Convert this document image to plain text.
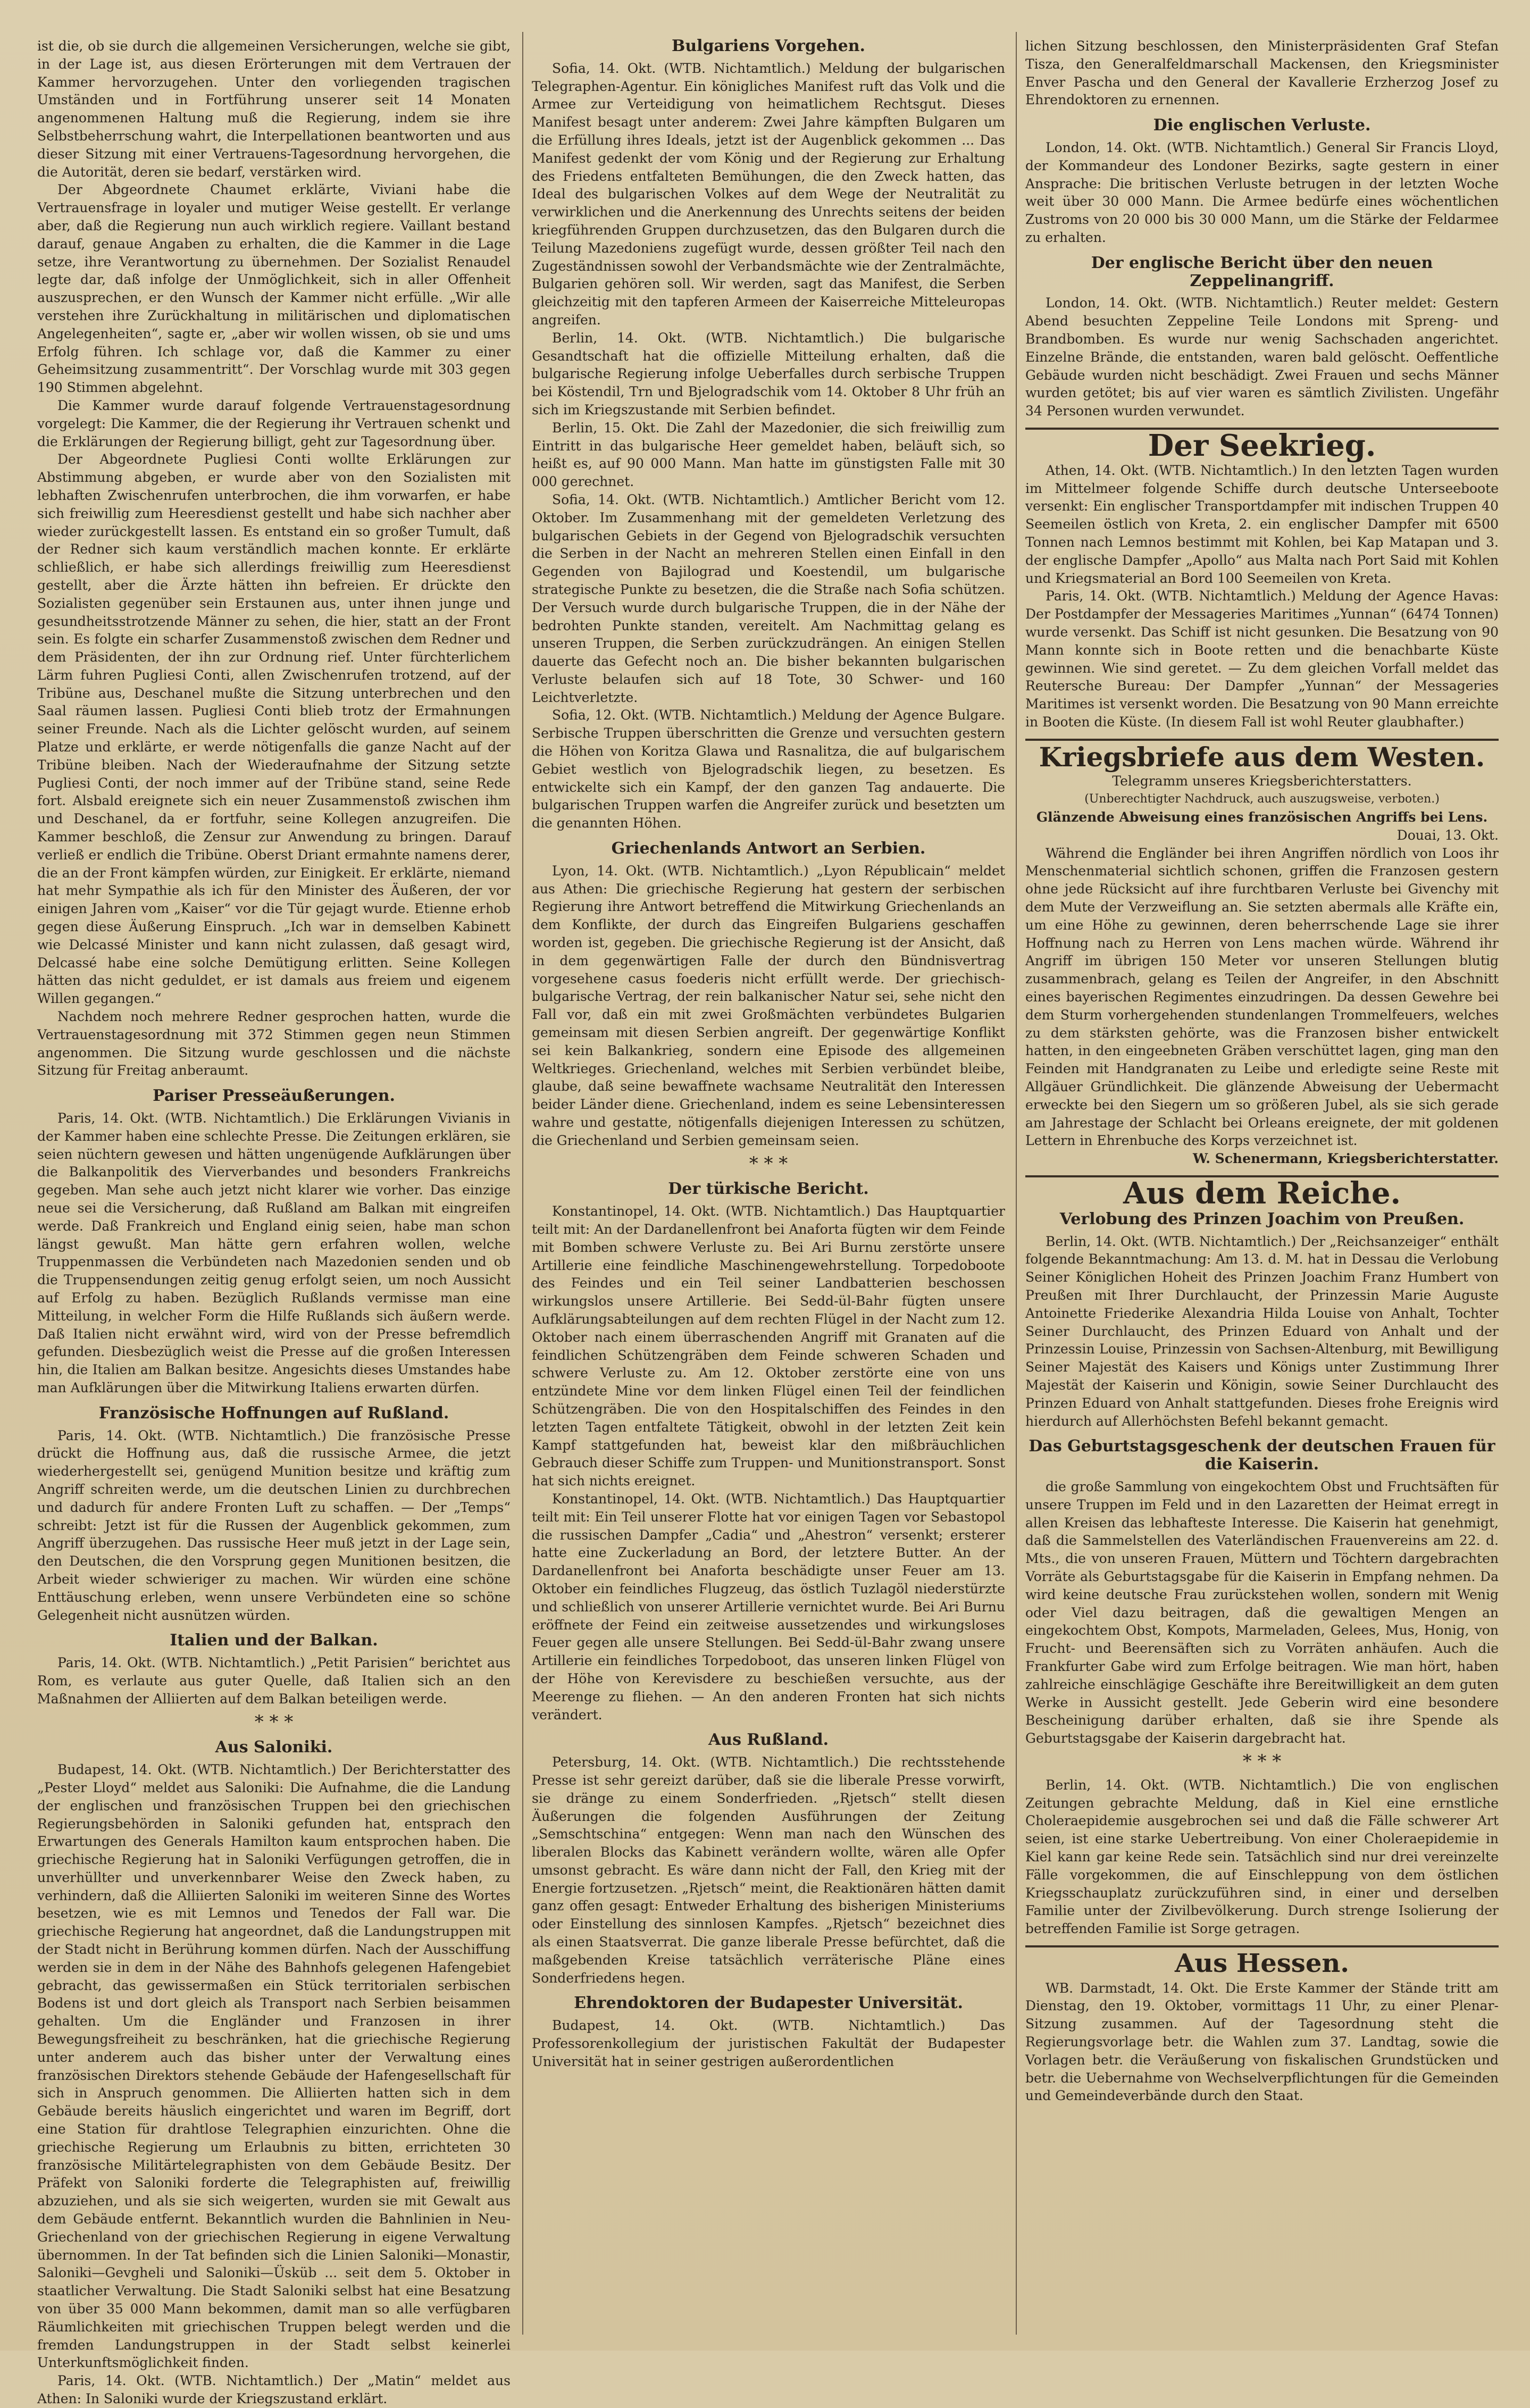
ist die, ob sie durch die allgemeinen Versicherungen, welche sie gibt, in der Lage ist, aus diesen Erörterungen mit dem Vertrauen der Kammer hervorzugehen. Unter den vorliegenden tragischen Umständen und in Fortführung unserer seit 14 Monaten angenommenen Haltung muß die Regierung, indem sie ihre Selbstbeherrschung wahrt, die Interpellationen beantworten und aus dieser Sitzung mit einer Vertrauens-Tagesordnung hervorgehen, die die Autorität, deren sie bedarf, verstärken wird.

Der Abgeordnete Chaumet erklärte, Viviani habe die Vertrauensfrage in loyaler und mutiger Weise gestellt. Er verlange aber, daß die Regierung nun auch wirklich regiere. Vaillant bestand darauf, genaue Angaben zu erhalten, die die Kammer in die Lage setze, ihre Verantwortung zu übernehmen. Der Sozialist Renaudel legte dar, daß infolge der Unmöglichkeit, sich in aller Offenheit auszusprechen, er den Wunsch der Kammer nicht erfülle. „Wir alle verstehen ihre Zurückhaltung in militärischen und diplomatischen Angelegenheiten“, sagte er, „aber wir wollen wissen, ob sie und ums Erfolg führen. Ich schlage vor, daß die Kammer zu einer Geheimsitzung zusammentritt“. Der Vorschlag wurde mit 303 gegen 190 Stimmen abgelehnt.

Die Kammer wurde darauf folgende Vertrauenstagesordnung vorgelegt: Die Kammer, die der Regierung ihr Vertrauen schenkt und die Erklärungen der Regierung billigt, geht zur Tagesordnung über.

Der Abgeordnete Pugliesi Conti wollte Erklärungen zur Abstimmung abgeben, er wurde aber von den Sozialisten mit lebhaften Zwischenrufen unterbrochen, die ihm vorwarfen, er habe sich freiwillig zum Heeresdienst gestellt und habe sich nachher aber wieder zurückgestellt lassen. Es entstand ein so großer Tumult, daß der Redner sich kaum verständlich machen konnte. Er erklärte schließlich, er habe sich allerdings freiwillig zum Heeresdienst gestellt, aber die Ärzte hätten ihn befreien. Er drückte den Sozialisten gegenüber sein Erstaunen aus, unter ihnen junge und gesundheitsstrotzende Männer zu sehen, die hier, statt an der Front sein. Es folgte ein scharfer Zusammenstoß zwischen dem Redner und dem Präsidenten, der ihn zur Ordnung rief. Unter fürchterlichem Lärm fuhren Pugliesi Conti, allen Zwischenrufen trotzend, auf der Tribüne aus, Deschanel mußte die Sitzung unterbrechen und den Saal räumen lassen. Pugliesi Conti blieb trotz der Ermahnungen seiner Freunde. Nach als die Lichter gelöscht wurden, auf seinem Platze und erklärte, er werde nötigenfalls die ganze Nacht auf der Tribüne bleiben. Nach der Wiederaufnahme der Sitzung setzte Pugliesi Conti, der noch immer auf der Tribüne stand, seine Rede fort. Alsbald ereignete sich ein neuer Zusammenstoß zwischen ihm und Deschanel, da er fortfuhr, seine Kollegen anzugreifen. Die Kammer beschloß, die Zensur zur Anwendung zu bringen. Darauf verließ er endlich die Tribüne. Oberst Driant ermahnte namens derer, die an der Front kämpfen würden, zur Einigkeit. Er erklärte, niemand hat mehr Sympathie als ich für den Minister des Äußeren, der vor einigen Jahren vom „Kaiser“ vor die Tür gejagt wurde. Etienne erhob gegen diese Äußerung Einspruch. „Ich war in demselben Kabinett wie Delcassé Minister und kann nicht zulassen, daß gesagt wird, Delcassé habe eine solche Demütigung erlitten. Seine Kollegen hätten das nicht geduldet, er ist damals aus freiem und eigenem Willen gegangen.“

Nachdem noch mehrere Redner gesprochen hatten, wurde die Vertrauenstagesordnung mit 372 Stimmen gegen neun Stimmen angenommen. Die Sitzung wurde geschlossen und die nächste Sitzung für Freitag anberaumt.

Pariser Presseäußerungen.

Paris, 14. Okt. (WTB. Nichtamtlich.) Die Erklärungen Vivianis in der Kammer haben eine schlechte Presse. Die Zeitungen erklären, sie seien nüchtern gewesen und hätten ungenügende Aufklärungen über die Balkanpolitik des Vierverbandes und besonders Frankreichs gegeben. Man sehe auch jetzt nicht klarer wie vorher. Das einzige neue sei die Versicherung, daß Rußland am Balkan mit eingreifen werde. Daß Frankreich und England einig seien, habe man schon längst gewußt. Man hätte gern erfahren wollen, welche Truppenmassen die Verbündeten nach Mazedonien senden und ob die Truppensendungen zeitig genug erfolgt seien, um noch Aussicht auf Erfolg zu haben. Bezüglich Rußlands vermisse man eine Mitteilung, in welcher Form die Hilfe Rußlands sich äußern werde. Daß Italien nicht erwähnt wird, wird von der Presse befremdlich gefunden. Diesbezüglich weist die Presse auf die großen Interessen hin, die Italien am Balkan besitze. Angesichts dieses Umstandes habe man Aufklärungen über die Mitwirkung Italiens erwarten dürfen.

Französische Hoffnungen auf Rußland.

Paris, 14. Okt. (WTB. Nichtamtlich.) Die französische Presse drückt die Hoffnung aus, daß die russische Armee, die jetzt wiederhergestellt sei, genügend Munition besitze und kräftig zum Angriff schreiten werde, um die deutschen Linien zu durchbrechen und dadurch für andere Fronten Luft zu schaffen. — Der „Temps“ schreibt: Jetzt ist für die Russen der Augenblick gekommen, zum Angriff überzugehen. Das russische Heer muß jetzt in der Lage sein, den Deutschen, die den Vorsprung gegen Munitionen besitzen, die Arbeit wieder schwieriger zu machen. Wir würden eine schöne Enttäuschung erleben, wenn unsere Verbündeten eine so schöne Gelegenheit nicht ausnützen würden.

Italien und der Balkan.

Paris, 14. Okt. (WTB. Nichtamtlich.) „Petit Parisien“ berichtet aus Rom, es verlaute aus guter Quelle, daß Italien sich an den Maßnahmen der Alliierten auf dem Balkan beteiligen werde.

* * *

Aus Saloniki.

Budapest, 14. Okt. (WTB. Nichtamtlich.) Der Berichterstatter des „Pester Lloyd“ meldet aus Saloniki: Die Aufnahme, die die Landung der englischen und französischen Truppen bei den griechischen Regierungsbehörden in Saloniki gefunden hat, entsprach den Erwartungen des Generals Hamilton kaum entsprochen haben. Die griechische Regierung hat in Saloniki Verfügungen getroffen, die in unverhüllter und unverkennbarer Weise den Zweck haben, zu verhindern, daß die Alliierten Saloniki im weiteren Sinne des Wortes besetzen, wie es mit Lemnos und Tenedos der Fall war. Die griechische Regierung hat angeordnet, daß die Landungstruppen mit der Stadt nicht in Berührung kommen dürfen. Nach der Ausschiffung werden sie in dem in der Nähe des Bahnhofs gelegenen Hafengebiet gebracht, das gewissermaßen ein Stück territorialen serbischen Bodens ist und dort gleich als Transport nach Serbien beisammen gehalten. Um die Engländer und Franzosen in ihrer Bewegungsfreiheit zu beschränken, hat die griechische Regierung unter anderem auch das bisher unter der Verwaltung eines französischen Direktors stehende Gebäude der Hafengesellschaft für sich in Anspruch genommen. Die Alliierten hatten sich in dem Gebäude bereits häuslich eingerichtet und waren im Begriff, dort eine Station für drahtlose Telegraphien einzurichten. Ohne die griechische Regierung um Erlaubnis zu bitten, errichteten 30 französische Militärtelegraphisten von dem Gebäude Besitz. Der Präfekt von Saloniki forderte die Telegraphisten auf, freiwillig abzuziehen, und als sie sich weigerten, wurden sie mit Gewalt aus dem Gebäude entfernt. Bekanntlich wurden die Bahnlinien in Neu-Griechenland von der griechischen Regierung in eigene Verwaltung übernommen. In der Tat befinden sich die Linien Saloniki—Monastir, Saloniki—Gevgheli und Saloniki—Üsküb ... seit dem 5. Oktober in staatlicher Verwaltung. Die Stadt Saloniki selbst hat eine Besatzung von über 35 000 Mann bekommen, damit man so alle verfügbaren Räumlichkeiten mit griechischen Truppen belegt werden und die fremden Landungstruppen in der Stadt selbst keinerlei Unterkunftsmöglichkeit finden.

Paris, 14. Okt. (WTB. Nichtamtlich.) Der „Matin“ meldet aus Athen: In Saloniki wurde der Kriegszustand erklärt.

Bulgariens Vorgehen.

Sofia, 14. Okt. (WTB. Nichtamtlich.) Meldung der bulgarischen Telegraphen-Agentur. Ein königliches Manifest ruft das Volk und die Armee zur Verteidigung von heimatlichem Rechtsgut. Dieses Manifest besagt unter anderem: Zwei Jahre kämpften Bulgaren um die Erfüllung ihres Ideals, jetzt ist der Augenblick gekommen ... Das Manifest gedenkt der vom König und der Regierung zur Erhaltung des Friedens entfalteten Bemühungen, die den Zweck hatten, das Ideal des bulgarischen Volkes auf dem Wege der Neutralität zu verwirklichen und die Anerkennung des Unrechts seitens der beiden kriegführenden Gruppen durchzusetzen, das den Bulgaren durch die Teilung Mazedoniens zugefügt wurde, dessen größter Teil nach den Zugeständnissen sowohl der Verbandsmächte wie der Zentralmächte, Bulgarien gehören soll. Wir werden, sagt das Manifest, die Serben gleichzeitig mit den tapferen Armeen der Kaiserreiche Mitteleuropas angreifen.

Berlin, 14. Okt. (WTB. Nichtamtlich.) Die bulgarische Gesandtschaft hat die offizielle Mitteilung erhalten, daß die bulgarische Regierung infolge Ueberfalles durch serbische Truppen bei Köstendil, Trn und Bjelogradschik vom 14. Oktober 8 Uhr früh an sich im Kriegszustande mit Serbien befindet.

Berlin, 15. Okt. Die Zahl der Mazedonier, die sich freiwillig zum Eintritt in das bulgarische Heer gemeldet haben, beläuft sich, so heißt es, auf 90 000 Mann. Man hatte im günstigsten Falle mit 30 000 gerechnet.

Sofia, 14. Okt. (WTB. Nichtamtlich.) Amtlicher Bericht vom 12. Oktober. Im Zusammenhang mit der gemeldeten Verletzung des bulgarischen Gebiets in der Gegend von Bjelogradschik versuchten die Serben in der Nacht an mehreren Stellen einen Einfall in den Gegenden von Bajilograd und Koestendil, um bulgarische strategische Punkte zu besetzen, die die Straße nach Sofia schützen. Der Versuch wurde durch bulgarische Truppen, die in der Nähe der bedrohten Punkte standen, vereitelt. Am Nachmittag gelang es unseren Truppen, die Serben zurückzudrängen. An einigen Stellen dauerte das Gefecht noch an. Die bisher bekannten bulgarischen Verluste belaufen sich auf 18 Tote, 30 Schwer- und 160 Leichtverletzte.

Sofia, 12. Okt. (WTB. Nichtamtlich.) Meldung der Agence Bulgare. Serbische Truppen überschritten die Grenze und versuchten gestern die Höhen von Koritza Glawa und Rasnalitza, die auf bulgarischem Gebiet westlich von Bjelogradschik liegen, zu besetzen. Es entwickelte sich ein Kampf, der den ganzen Tag andauerte. Die bulgarischen Truppen warfen die Angreifer zurück und besetzten um die genannten Höhen.

Griechenlands Antwort an Serbien.

Lyon, 14. Okt. (WTB. Nichtamtlich.) „Lyon Républicain“ meldet aus Athen: Die griechische Regierung hat gestern der serbischen Regierung ihre Antwort betreffend die Mitwirkung Griechenlands an dem Konflikte, der durch das Eingreifen Bulgariens geschaffen worden ist, gegeben. Die griechische Regierung ist der Ansicht, daß in dem gegenwärtigen Falle der durch den Bündnisvertrag vorgesehene casus foederis nicht erfüllt werde. Der griechisch-bulgarische Vertrag, der rein balkanischer Natur sei, sehe nicht den Fall vor, daß ein mit zwei Großmächten verbündetes Bulgarien gemeinsam mit diesen Serbien angreift. Der gegenwärtige Konflikt sei kein Balkankrieg, sondern eine Episode des allgemeinen Weltkrieges. Griechenland, welches mit Serbien verbündet bleibe, glaube, daß seine bewaffnete wachsame Neutralität den Interessen beider Länder diene. Griechenland, indem es seine Lebensinteressen wahre und gestatte, nötigenfalls diejenigen Interessen zu schützen, die Griechenland und Serbien gemeinsam seien.

* * *

Der türkische Bericht.

Konstantinopel, 14. Okt. (WTB. Nichtamtlich.) Das Hauptquartier teilt mit: An der Dardanellenfront bei Anaforta fügten wir dem Feinde mit Bomben schwere Verluste zu. Bei Ari Burnu zerstörte unsere Artillerie eine feindliche Maschinengewehrstellung. Torpedoboote des Feindes und ein Teil seiner Landbatterien beschossen wirkungslos unsere Artillerie. Bei Sedd-ül-Bahr fügten unsere Aufklärungsabteilungen auf dem rechten Flügel in der Nacht zum 12. Oktober nach einem überraschenden Angriff mit Granaten auf die feindlichen Schützengräben dem Feinde schweren Schaden und schwere Verluste zu. Am 12. Oktober zerstörte eine von uns entzündete Mine vor dem linken Flügel einen Teil der feindlichen Schützengräben. Die von den Hospitalschiffen des Feindes in den letzten Tagen entfaltete Tätigkeit, obwohl in der letzten Zeit kein Kampf stattgefunden hat, beweist klar den mißbräuchlichen Gebrauch dieser Schiffe zum Truppen- und Munitionstransport. Sonst hat sich nichts ereignet.

Konstantinopel, 14. Okt. (WTB. Nichtamtlich.) Das Hauptquartier teilt mit: Ein Teil unserer Flotte hat vor einigen Tagen vor Sebastopol die russischen Dampfer „Cadia“ und „Ahestron“ versenkt; ersterer hatte eine Zuckerladung an Bord, der letztere Butter. An der Dardanellenfront bei Anaforta beschädigte unser Feuer am 13. Oktober ein feindliches Flugzeug, das östlich Tuzlagöl niederstürzte und schließlich von unserer Artillerie vernichtet wurde. Bei Ari Burnu eröffnete der Feind ein zeitweise aussetzendes und wirkungsloses Feuer gegen alle unsere Stellungen. Bei Sedd-ül-Bahr zwang unsere Artillerie ein feindliches Torpedoboot, das unseren linken Flügel von der Höhe von Kerevisdere zu beschießen versuchte, aus der Meerenge zu fliehen. — An den anderen Fronten hat sich nichts verändert.

Aus Rußland.

Petersburg, 14. Okt. (WTB. Nichtamtlich.) Die rechtsstehende Presse ist sehr gereizt darüber, daß sie die liberale Presse vorwirft, sie dränge zu einem Sonderfrieden. „Rjetsch“ stellt diesen Äußerungen die folgenden Ausführungen der Zeitung „Semschtschina“ entgegen: Wenn man nach den Wünschen des liberalen Blocks das Kabinett verändern wollte, wären alle Opfer umsonst gebracht. Es wäre dann nicht der Fall, den Krieg mit der Energie fortzusetzen. „Rjetsch“ meint, die Reaktionären hätten damit ganz offen gesagt: Entweder Erhaltung des bisherigen Ministeriums oder Einstellung des sinnlosen Kampfes. „Rjetsch“ bezeichnet dies als einen Staatsverrat. Die ganze liberale Presse befürchtet, daß die maßgebenden Kreise tatsächlich verräterische Pläne eines Sonderfriedens hegen.

Ehrendoktoren der Budapester Universität.

Budapest, 14. Okt. (WTB. Nichtamtlich.) Das Professorenkollegium der juristischen Fakultät der Budapester Universität hat in seiner gestrigen außerordentlichen

lichen Sitzung beschlossen, den Ministerpräsidenten Graf Stefan Tisza, den Generalfeldmarschall Mackensen, den Kriegsminister Enver Pascha und den General der Kavallerie Erzherzog Josef zu Ehrendoktoren zu ernennen.

Die englischen Verluste.

London, 14. Okt. (WTB. Nichtamtlich.) General Sir Francis Lloyd, der Kommandeur des Londoner Bezirks, sagte gestern in einer Ansprache: Die britischen Verluste betrugen in der letzten Woche weit über 30 000 Mann. Die Armee bedürfe eines wöchentlichen Zustroms von 20 000 bis 30 000 Mann, um die Stärke der Feldarmee zu erhalten.

Der englische Bericht über den neuen Zeppelinangriff.

London, 14. Okt. (WTB. Nichtamtlich.) Reuter meldet: Gestern Abend besuchten Zeppeline Teile Londons mit Spreng- und Brandbomben. Es wurde nur wenig Sachschaden angerichtet. Einzelne Brände, die entstanden, waren bald gelöscht. Oeffentliche Gebäude wurden nicht beschädigt. Zwei Frauen und sechs Männer wurden getötet; bis auf vier waren es sämtlich Zivilisten. Ungefähr 34 Personen wurden verwundet.

Der Seekrieg.

Athen, 14. Okt. (WTB. Nichtamtlich.) In den letzten Tagen wurden im Mittelmeer folgende Schiffe durch deutsche Unterseeboote versenkt: Ein englischer Transportdampfer mit indischen Truppen 40 Seemeilen östlich von Kreta, 2. ein englischer Dampfer mit 6500 Tonnen nach Lemnos bestimmt mit Kohlen, bei Kap Matapan und 3. der englische Dampfer „Apollo“ aus Malta nach Port Said mit Kohlen und Kriegsmaterial an Bord 100 Seemeilen von Kreta.

Paris, 14. Okt. (WTB. Nichtamtlich.) Meldung der Agence Havas: Der Postdampfer der Messageries Maritimes „Yunnan“ (6474 Tonnen) wurde versenkt. Das Schiff ist nicht gesunken. Die Besatzung von 90 Mann konnte sich in Boote retten und die benachbarte Küste gewinnen. Wie sind geretet. — Zu dem gleichen Vorfall meldet das Reutersche Bureau: Der Dampfer „Yunnan“ der Messageries Maritimes ist versenkt worden. Die Besatzung von 90 Mann erreichte in Booten die Küste. (In diesem Fall ist wohl Reuter glaubhafter.)

Kriegsbriefe aus dem Westen.

Telegramm unseres Kriegsberichterstatters.

(Unberechtigter Nachdruck, auch auszugsweise, verboten.)

Glänzende Abweisung eines französischen Angriffs bei Lens.

Douai, 13. Okt.

Während die Engländer bei ihren Angriffen nördlich von Loos ihr Menschenmaterial sichtlich schonen, griffen die Franzosen gestern ohne jede Rücksicht auf ihre furchtbaren Verluste bei Givenchy mit dem Mute der Verzweiflung an. Sie setzten abermals alle Kräfte ein, um eine Höhe zu gewinnen, deren beherrschende Lage sie ihrer Hoffnung nach zu Herren von Lens machen würde. Während ihr Angriff im übrigen 150 Meter vor unseren Stellungen blutig zusammenbrach, gelang es Teilen der Angreifer, in den Abschnitt eines bayerischen Regimentes einzudringen. Da dessen Gewehre bei dem Sturm vorhergehenden stundenlangen Trommelfeuers, welches zu dem stärksten gehörte, was die Franzosen bisher entwickelt hatten, in den eingeebneten Gräben verschüttet lagen, ging man den Feinden mit Handgranaten zu Leibe und erledigte seine Reste mit Allgäuer Gründlichkeit. Die glänzende Abweisung der Uebermacht erweckte bei den Siegern um so größeren Jubel, als sie sich gerade am Jahrestage der Schlacht bei Orleans ereignete, der mit goldenen Lettern in Ehrenbuche des Korps verzeichnet ist.

W. Schenermann, Kriegsberichterstatter.

Aus dem Reiche.
Verlobung des Prinzen Joachim von Preußen.

Berlin, 14. Okt. (WTB. Nichtamtlich.) Der „Reichsanzeiger“ enthält folgende Bekanntmachung: Am 13. d. M. hat in Dessau die Verlobung Seiner Königlichen Hoheit des Prinzen Joachim Franz Humbert von Preußen mit Ihrer Durchlaucht, der Prinzessin Marie Auguste Antoinette Friederike Alexandria Hilda Louise von Anhalt, Tochter Seiner Durchlaucht, des Prinzen Eduard von Anhalt und der Prinzessin Louise, Prinzessin von Sachsen-Altenburg, mit Bewilligung Seiner Majestät des Kaisers und Königs unter Zustimmung Ihrer Majestät der Kaiserin und Königin, sowie Seiner Durchlaucht des Prinzen Eduard von Anhalt stattgefunden. Dieses frohe Ereignis wird hierdurch auf Allerhöchsten Befehl bekannt gemacht.

Das Geburtstagsgeschenk der deutschen Frauen für die Kaiserin.

die große Sammlung von eingekochtem Obst und Fruchtsäften für unsere Truppen im Feld und in den Lazaretten der Heimat erregt in allen Kreisen das lebhafteste Interesse. Die Kaiserin hat genehmigt, daß die Sammelstellen des Vaterländischen Frauenvereins am 22. d. Mts., die von unseren Frauen, Müttern und Töchtern dargebrachten Vorräte als Geburtstagsgabe für die Kaiserin in Empfang nehmen. Da wird keine deutsche Frau zurückstehen wollen, sondern mit Wenig oder Viel dazu beitragen, daß die gewaltigen Mengen an eingekochtem Obst, Kompots, Marmeladen, Gelees, Mus, Honig, von Frucht- und Beerensäften sich zu Vorräten anhäufen. Auch die Frankfurter Gabe wird zum Erfolge beitragen. Wie man hört, haben zahlreiche einschlägige Geschäfte ihre Bereitwilligkeit an dem guten Werke in Aussicht gestellt. Jede Geberin wird eine besondere Bescheinigung darüber erhalten, daß sie ihre Spende als Geburtstagsgabe der Kaiserin dargebracht hat.

* * *

Berlin, 14. Okt. (WTB. Nichtamtlich.) Die von englischen Zeitungen gebrachte Meldung, daß in Kiel eine ernstliche Choleraepidemie ausgebrochen sei und daß die Fälle schwerer Art seien, ist eine starke Uebertreibung. Von einer Choleraepidemie in Kiel kann gar keine Rede sein. Tatsächlich sind nur drei vereinzelte Fälle vorgekommen, die auf Einschleppung von dem östlichen Kriegsschauplatz zurückzuführen sind, in einer und derselben Familie unter der Zivilbevölkerung. Durch strenge Isolierung der betreffenden Familie ist Sorge getragen.

Aus Hessen.

WB. Darmstadt, 14. Okt. Die Erste Kammer der Stände tritt am Dienstag, den 19. Oktober, vormittags 11 Uhr, zu einer Plenar-Sitzung zusammen. Auf der Tagesordnung steht die Regierungsvorlage betr. die Wahlen zum 37. Landtag, sowie die Vorlagen betr. die Veräußerung von fiskalischen Grundstücken und betr. die Uebernahme von Wechselverpflichtungen für die Gemeinden und Gemeindeverbände durch den Staat.
